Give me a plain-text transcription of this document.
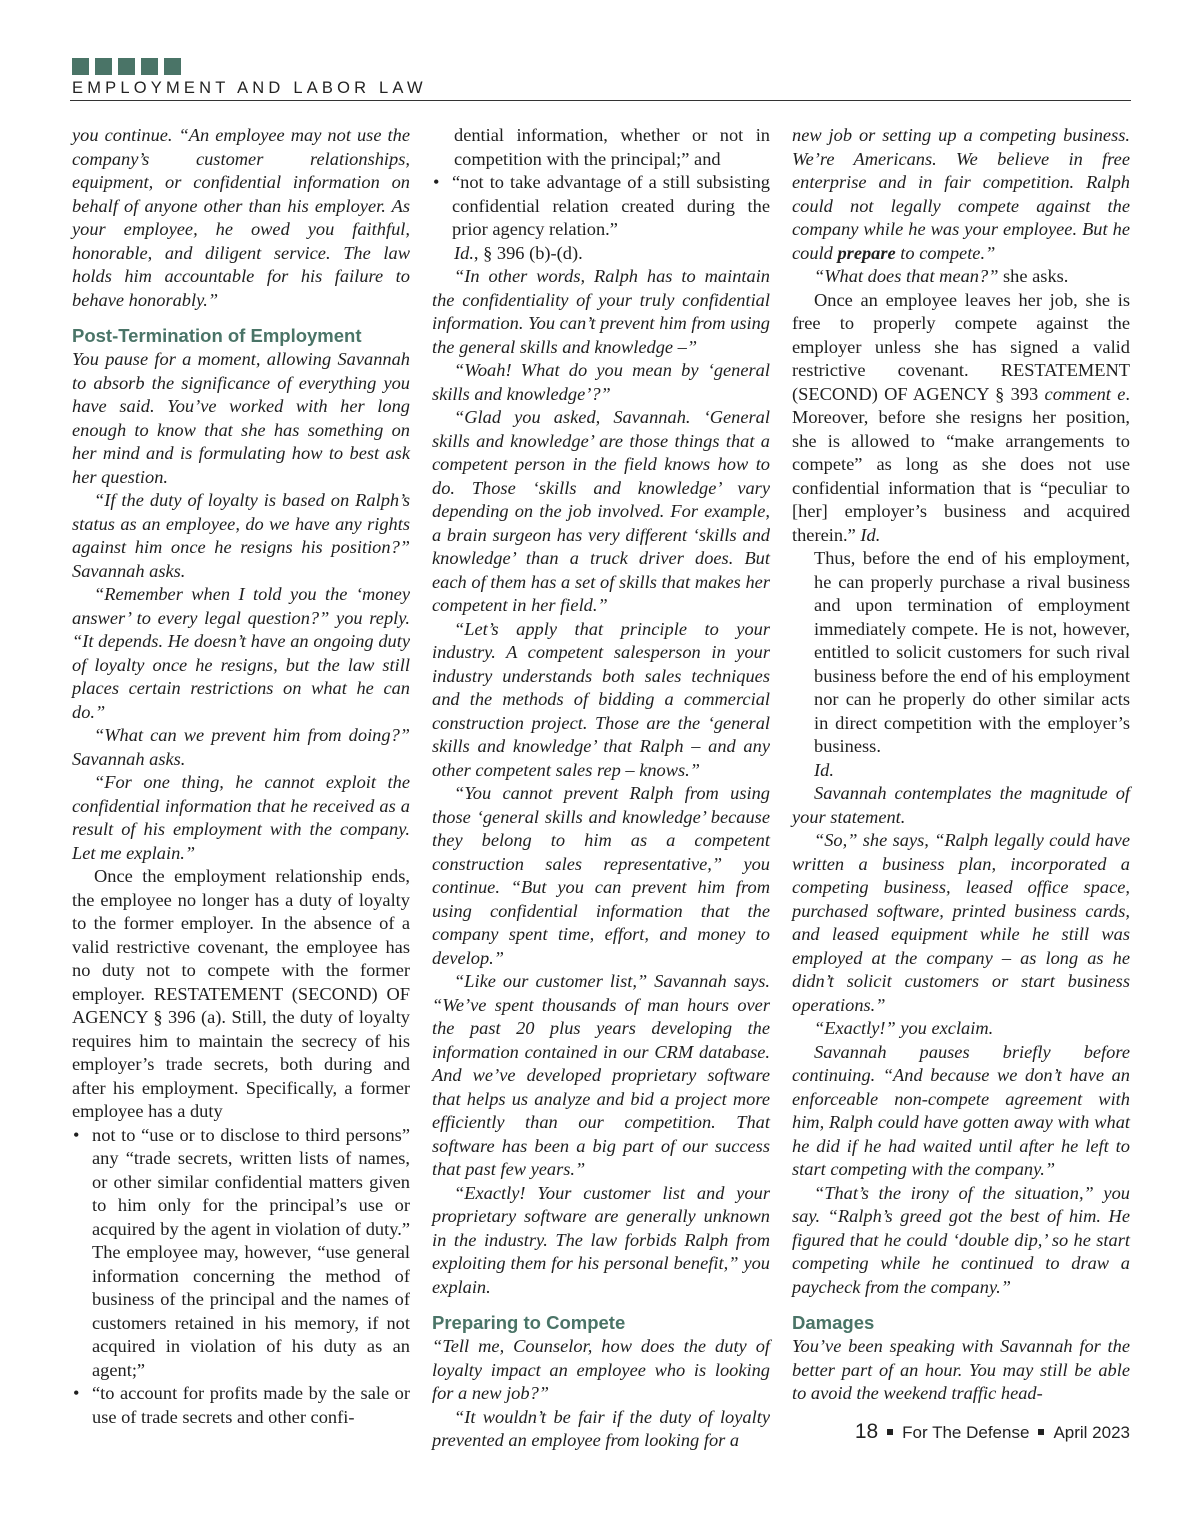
EMPLOYMENT AND LABOR LAW

you continue. “An employee may not use the company’s customer relationships, equipment, or confidential information on behalf of anyone other than his employer. As your employee, he owed you faithful, honorable, and diligent service. The law holds him accountable for his failure to behave honorably.”

Post-Termination of Employment

You pause for a moment, allowing Savannah to absorb the significance of everything you have said. You’ve worked with her long enough to know that she has something on her mind and is formulating how to best ask her question.

“If the duty of loyalty is based on Ralph’s status as an employee, do we have any rights against him once he resigns his position?” Savannah asks.

“Remember when I told you the ‘money answer’ to every legal question?” you reply. “It depends. He doesn’t have an ongoing duty of loyalty once he resigns, but the law still places certain restrictions on what he can do.”

“What can we prevent him from doing?” Savannah asks.

“For one thing, he cannot exploit the confidential information that he received as a result of his employment with the company. Let me explain.”

Once the employment relationship ends, the employee no longer has a duty of loyalty to the former employer. In the absence of a valid restrictive covenant, the employee has no duty not to compete with the former employer. RESTATEMENT (SECOND) OF AGENCY § 396 (a). Still, the duty of loyalty requires him to maintain the secrecy of his employer’s trade secrets, both during and after his employment. Specifically, a former employee has a duty

• not to “use or to disclose to third persons” any “trade secrets, written lists of names, or other similar confidential matters given to him only for the principal’s use or acquired by the agent in violation of duty.” The employee may, however, “use general information concerning the method of business of the principal and the names of customers retained in his memory, if not acquired in violation of his duty as an agent;”
• “to account for profits made by the sale or use of trade secrets and other confi-

dential information, whether or not in competition with the principal;” and

• “not to take advantage of a still subsisting confidential relation created during the prior agency relation.”

Id., § 396 (b)-(d).

“In other words, Ralph has to maintain the confidentiality of your truly confidential information. You can’t prevent him from using the general skills and knowledge –”

“Woah! What do you mean by ‘general skills and knowledge’?”

“Glad you asked, Savannah. ‘General skills and knowledge’ are those things that a competent person in the field knows how to do. Those ‘skills and knowledge’ vary depending on the job involved. For example, a brain surgeon has very different ‘skills and knowledge’ than a truck driver does. But each of them has a set of skills that makes her competent in her field.”

“Let’s apply that principle to your industry. A competent salesperson in your industry understands both sales techniques and the methods of bidding a commercial construction project. Those are the ‘general skills and knowledge’ that Ralph – and any other competent sales rep – knows.”

“You cannot prevent Ralph from using those ‘general skills and knowledge’ because they belong to him as a competent construction sales representative,” you continue. “But you can prevent him from using confidential information that the company spent time, effort, and money to develop.”

“Like our customer list,” Savannah says. “We’ve spent thousands of man hours over the past 20 plus years developing the information contained in our CRM database. And we’ve developed proprietary software that helps us analyze and bid a project more efficiently than our competition. That software has been a big part of our success that past few years.”

“Exactly! Your customer list and your proprietary software are generally unknown in the industry. The law forbids Ralph from exploiting them for his personal benefit,” you explain.

Preparing to Compete

“Tell me, Counselor, how does the duty of loyalty impact an employee who is looking for a new job?”

“It wouldn’t be fair if the duty of loyalty prevented an employee from looking for a

new job or setting up a competing business. We’re Americans. We believe in free enterprise and in fair competition. Ralph could not legally compete against the company while he was your employee. But he could prepare to compete.”

“What does that mean?” she asks.

Once an employee leaves her job, she is free to properly compete against the employer unless she has signed a valid restrictive covenant. RESTATEMENT (SECOND) OF AGENCY § 393 comment e. Moreover, before she resigns her position, she is allowed to “make arrangements to compete” as long as she does not use confidential information that is “peculiar to [her] employer’s business and acquired therein.” Id.

Thus, before the end of his employment, he can properly purchase a rival business and upon termination of employment immediately compete. He is not, however, entitled to solicit customers for such rival business before the end of his employment nor can he properly do other similar acts in direct competition with the employer’s business.

Id.

Savannah contemplates the magnitude of your statement.

“So,” she says, “Ralph legally could have written a business plan, incorporated a competing business, leased office space, purchased software, printed business cards, and leased equipment while he still was employed at the company – as long as he didn’t solicit customers or start business operations.”

“Exactly!” you exclaim.

Savannah pauses briefly before continuing. “And because we don’t have an enforceable non-compete agreement with him, Ralph could have gotten away with what he did if he had waited until after he left to start competing with the company.”

“That’s the irony of the situation,” you say. “Ralph’s greed got the best of him. He figured that he could ‘double dip,’ so he start competing while he continued to draw a paycheck from the company.”

Damages

You’ve been speaking with Savannah for the better part of an hour. You may still be able to avoid the weekend traffic head-

18 For The Defense April 2023
